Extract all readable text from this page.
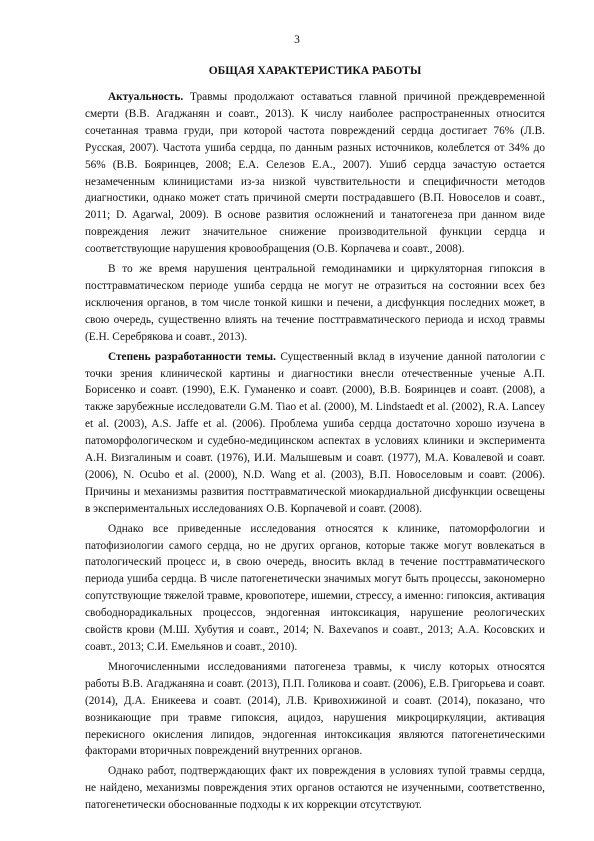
3
ОБЩАЯ ХАРАКТЕРИСТИКА РАБОТЫ

Актуальность. Травмы продолжают оставаться главной причиной преждевременной смерти (В.В. Агаджанян и соавт., 2013). К числу наиболее распространенных относится сочетанная травма груди, при которой частота повреждений сердца достигает 76% (Л.В. Русская, 2007). Частота ушиба сердца, по данным разных источников, колеблется от 34% до 56% (В.В. Бояринцев, 2008; Е.А. Селезов Е.А., 2007). Ушиб сердца зачастую остается незамеченным клиницистами из-за низкой чувствительности и специфичности методов диагностики, однако может стать причиной смерти пострадавшего (В.П. Новоселов и соавт., 2011; D. Agarwal, 2009). В основе развития осложнений и танатогенеза при данном виде повреждения лежит значительное снижение производительной функции сердца и соответствующие нарушения кровообращения (О.В. Корпачева и соавт., 2008).

В то же время нарушения центральной гемодинамики и циркуляторная гипоксия в посттравматическом периоде ушиба сердца не могут не отразиться на состоянии всех без исключения органов, в том числе тонкой кишки и печени, а дисфункция последних может, в свою очередь, существенно влиять на течение посттравматического периода и исход травмы (Е.Н. Серебрякова и соавт., 2013).

Степень разработанности темы. Существенный вклад в изучение данной патологии с точки зрения клинической картины и диагностики внесли отечественные ученые А.П. Борисенко и соавт. (1990), Е.К. Гуманенко и соавт. (2000), В.В. Бояринцев и соавт. (2008), а также зарубежные исследователи G.M. Tiao et al. (2000), M. Lindstaedt et al. (2002), R.A. Lancey et al. (2003), A.S. Jaffe et al. (2006). Проблема ушиба сердца достаточно хорошо изучена в патоморфологическом и судебно-медицинском аспектах в условиях клиники и эксперимента А.Н. Визгалиным и соавт. (1976), И.И. Малышевым и соавт. (1977), М.А. Ковалевой и соавт. (2006), N. Ocubo et al. (2000), N.D. Wang et al. (2003), В.П. Новоселовым и соавт. (2006). Причины и механизмы развития посттравматической миокардиальной дисфункции освещены в экспериментальных исследованиях О.В. Корпачевой и соавт. (2008).

Однако все приведенные исследования относятся к клинике, патоморфологии и патофизиологии самого сердца, но не других органов, которые также могут вовлекаться в патологический процесс и, в свою очередь, вносить вклад в течение посттравматического периода ушиба сердца. В числе патогенетически значимых могут быть процессы, закономерно сопутствующие тяжелой травме, кровопотере, ишемии, стрессу, а именно: гипоксия, активация свободнорадикальных процессов, эндогенная интоксикация, нарушение реологических свойств крови (М.Ш. Хубутия и соавт., 2014; N. Baxevanos и соавт., 2013; А.А. Косовских и соавт., 2013; С.И. Емельянов и соавт., 2010).

Многочисленными исследованиями патогенеза травмы, к числу которых относятся работы В.В. Агаджаняна и соавт. (2013), П.П. Голикова и соавт. (2006), Е.В. Григорьева и соавт. (2014), Д.А. Еникеева и соавт. (2014), Л.В. Кривохижиной и соавт. (2014), показано, что возникающие при травме гипоксия, ацидоз, нарушения микроциркуляции, активация перекисного окисления липидов, эндогенная интоксикация являются патогенетическими факторами вторичных повреждений внутренних органов.

Однако работ, подтверждающих факт их повреждения в условиях тупой травмы сердца, не найдено, механизмы повреждения этих органов остаются не изученными, соответственно, патогенетически обоснованные подходы к их коррекции отсутствуют.
